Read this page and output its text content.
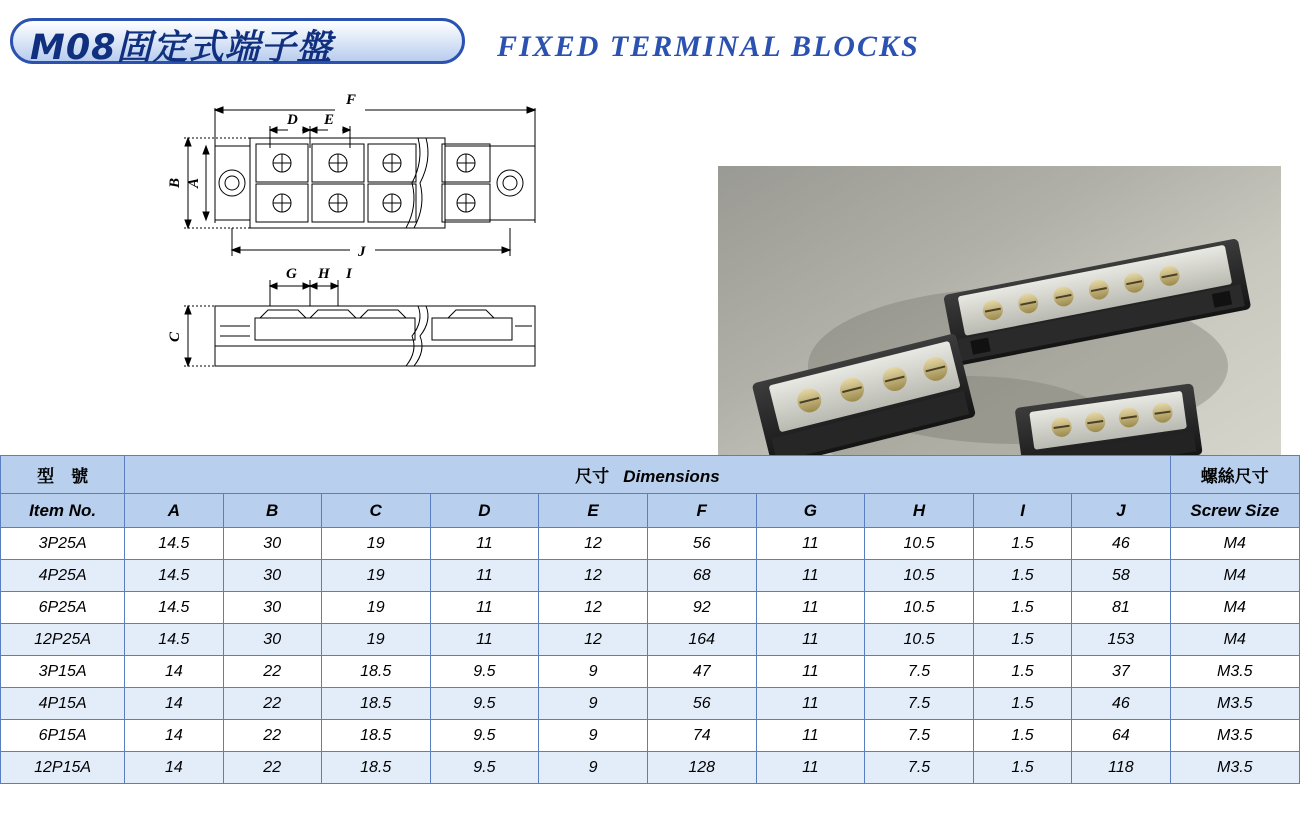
M08固定式端子盤	FIXED TERMINAL BLOCKS
F
D E
B A
J
G H I
C
型　號	尺寸 Dimensions										螺絲尺寸
Item No.	A	B	C	D	E	F	G	H	I	J	Screw Size
3P25A	14.5	30	19	11	12	56	11	10.5	1.5	46	M4
4P25A	14.5	30	19	11	12	68	11	10.5	1.5	58	M4
6P25A	14.5	30	19	11	12	92	11	10.5	1.5	81	M4
12P25A	14.5	30	19	11	12	164	11	10.5	1.5	153	M4
3P15A	14	22	18.5	9.5	9	47	11	7.5	1.5	37	M3.5
4P15A	14	22	18.5	9.5	9	56	11	7.5	1.5	46	M3.5
6P15A	14	22	18.5	9.5	9	74	11	7.5	1.5	64	M3.5
12P15A	14	22	18.5	9.5	9	128	11	7.5	1.5	118	M3.5
